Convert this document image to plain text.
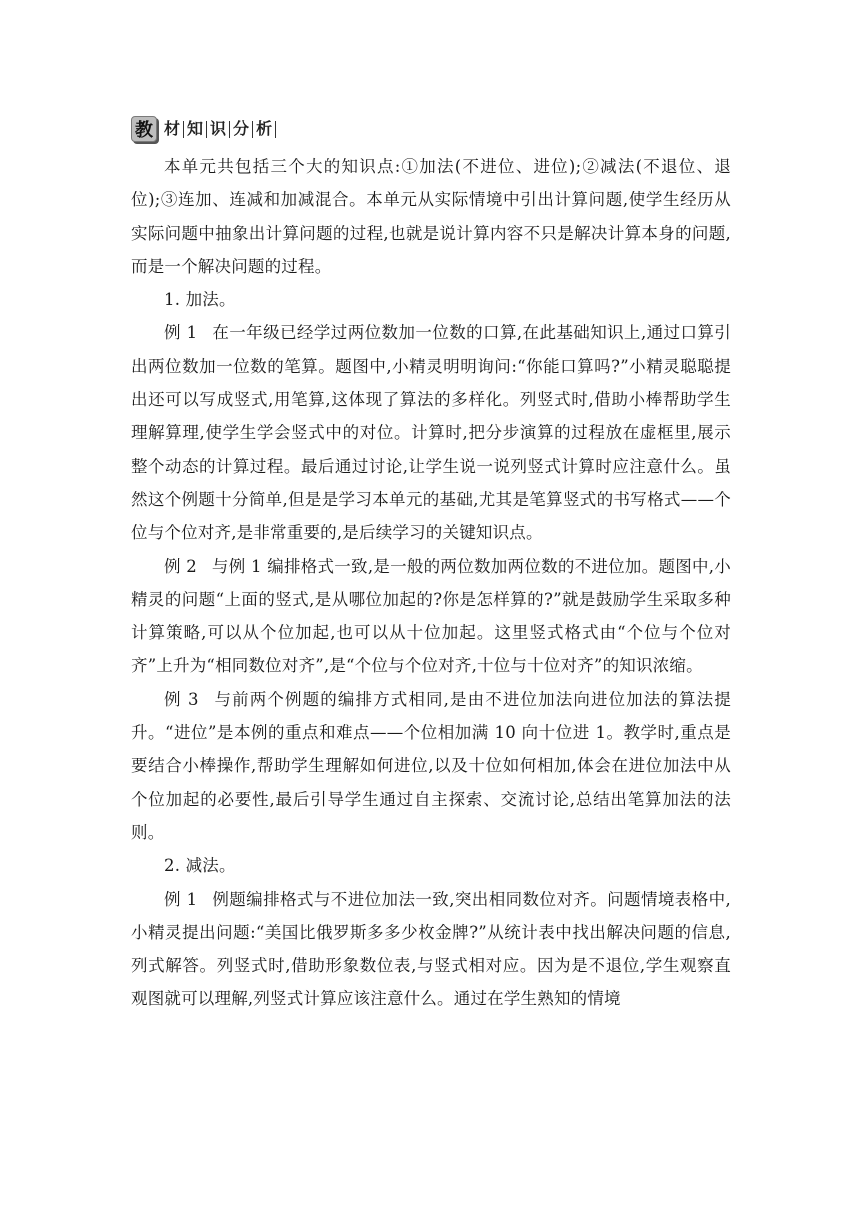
教 材 知 识 分 析

本单元共包括三个大的知识点:①加法(不进位、进位);②减法(不退位、退位);③连加、连减和加减混合。本单元从实际情境中引出计算问题,使学生经历从实际问题中抽象出计算问题的过程,也就是说计算内容不只是解决计算本身的问题,而是一个解决问题的过程。

1. 加法。

例 1 在一年级已经学过两位数加一位数的口算,在此基础知识上,通过口算引出两位数加一位数的笔算。题图中,小精灵明明询问:“你能口算吗?”小精灵聪聪提出还可以写成竖式,用笔算,这体现了算法的多样化。列竖式时,借助小棒帮助学生理解算理,使学生学会竖式中的对位。计算时,把分步演算的过程放在虚框里,展示整个动态的计算过程。最后通过讨论,让学生说一说列竖式计算时应注意什么。虽然这个例题十分简单,但是是学习本单元的基础,尤其是笔算竖式的书写格式——个位与个位对齐,是非常重要的,是后续学习的关键知识点。

例 2 与例 1 编排格式一致,是一般的两位数加两位数的不进位加。题图中,小精灵的问题“上面的竖式,是从哪位加起的?你是怎样算的?”就是鼓励学生采取多种计算策略,可以从个位加起,也可以从十位加起。这里竖式格式由“个位与个位对齐”上升为“相同数位对齐”,是“个位与个位对齐,十位与十位对齐”的知识浓缩。

例 3 与前两个例题的编排方式相同,是由不进位加法向进位加法的算法提升。“进位”是本例的重点和难点——个位相加满 10 向十位进 1。教学时,重点是要结合小棒操作,帮助学生理解如何进位,以及十位如何相加,体会在进位加法中从个位加起的必要性,最后引导学生通过自主探索、交流讨论,总结出笔算加法的法则。

2. 减法。

例 1 例题编排格式与不进位加法一致,突出相同数位对齐。问题情境表格中,小精灵提出问题:“美国比俄罗斯多多少枚金牌?”从统计表中找出解决问题的信息,列式解答。列竖式时,借助形象数位表,与竖式相对应。因为是不退位,学生观察直观图就可以理解,列竖式计算应该注意什么。通过在学生熟知的情境
